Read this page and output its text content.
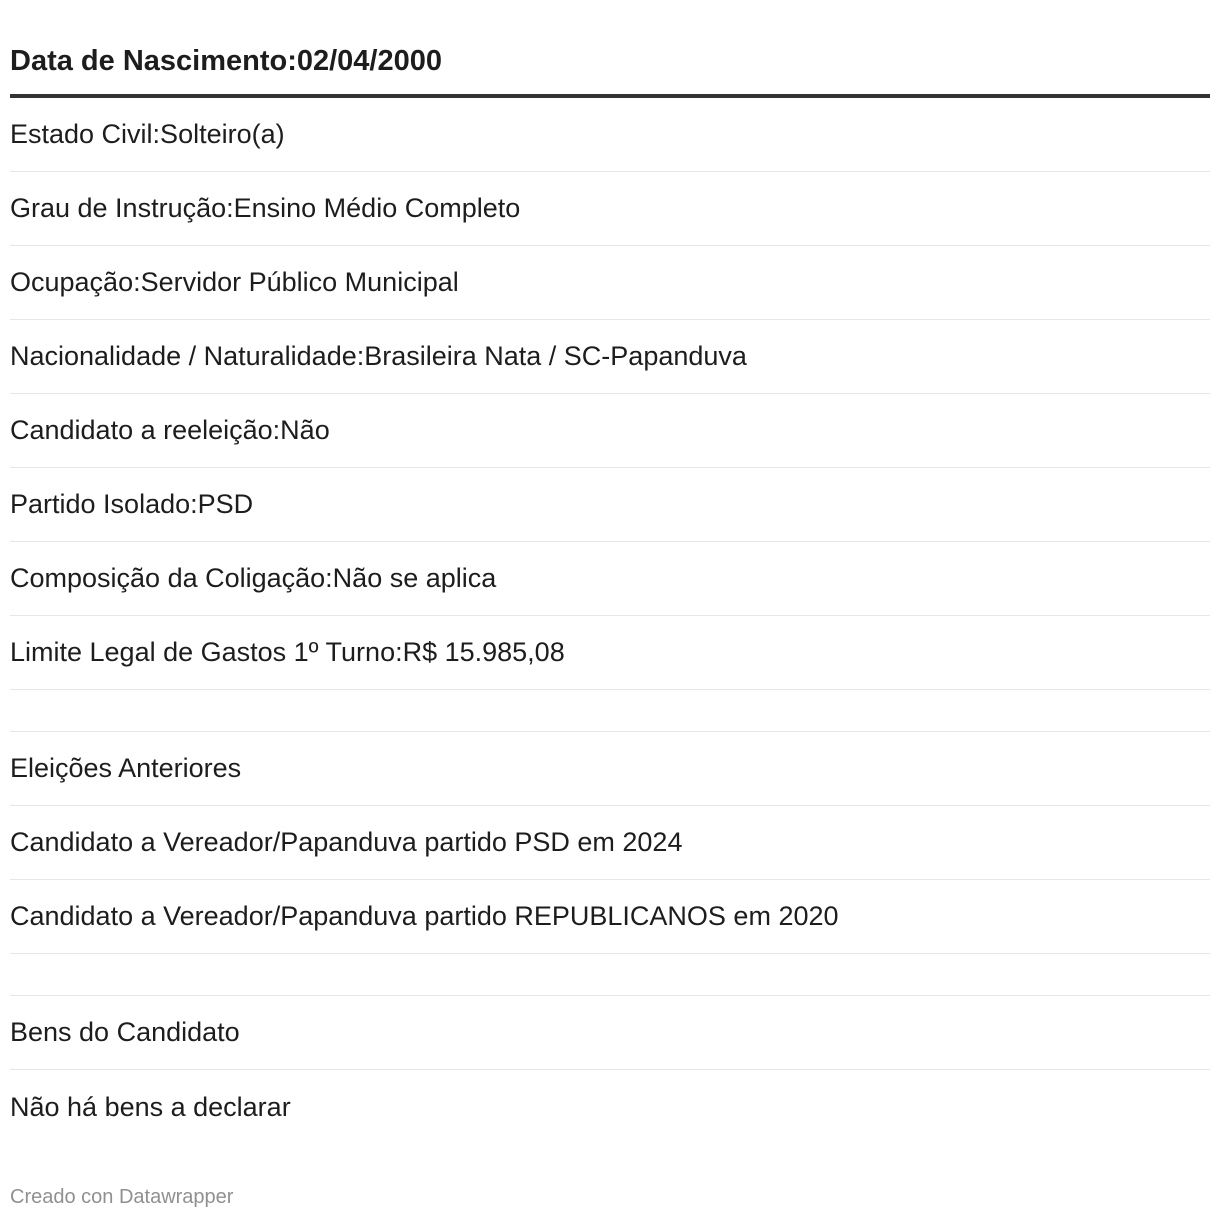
Data de Nascimento:02/04/2000
Estado Civil:Solteiro(a)
Grau de Instrução:Ensino Médio Completo
Ocupação:Servidor Público Municipal
Nacionalidade / Naturalidade:Brasileira Nata / SC-Papanduva
Candidato a reeleição:Não
Partido Isolado:PSD
Composição da Coligação:Não se aplica
Limite Legal de Gastos 1º Turno:R$ 15.985,08
Eleições Anteriores
Candidato a Vereador/Papanduva partido PSD em 2024
Candidato a Vereador/Papanduva partido REPUBLICANOS em 2020
Bens do Candidato
Não há bens a declarar
Creado con Datawrapper
